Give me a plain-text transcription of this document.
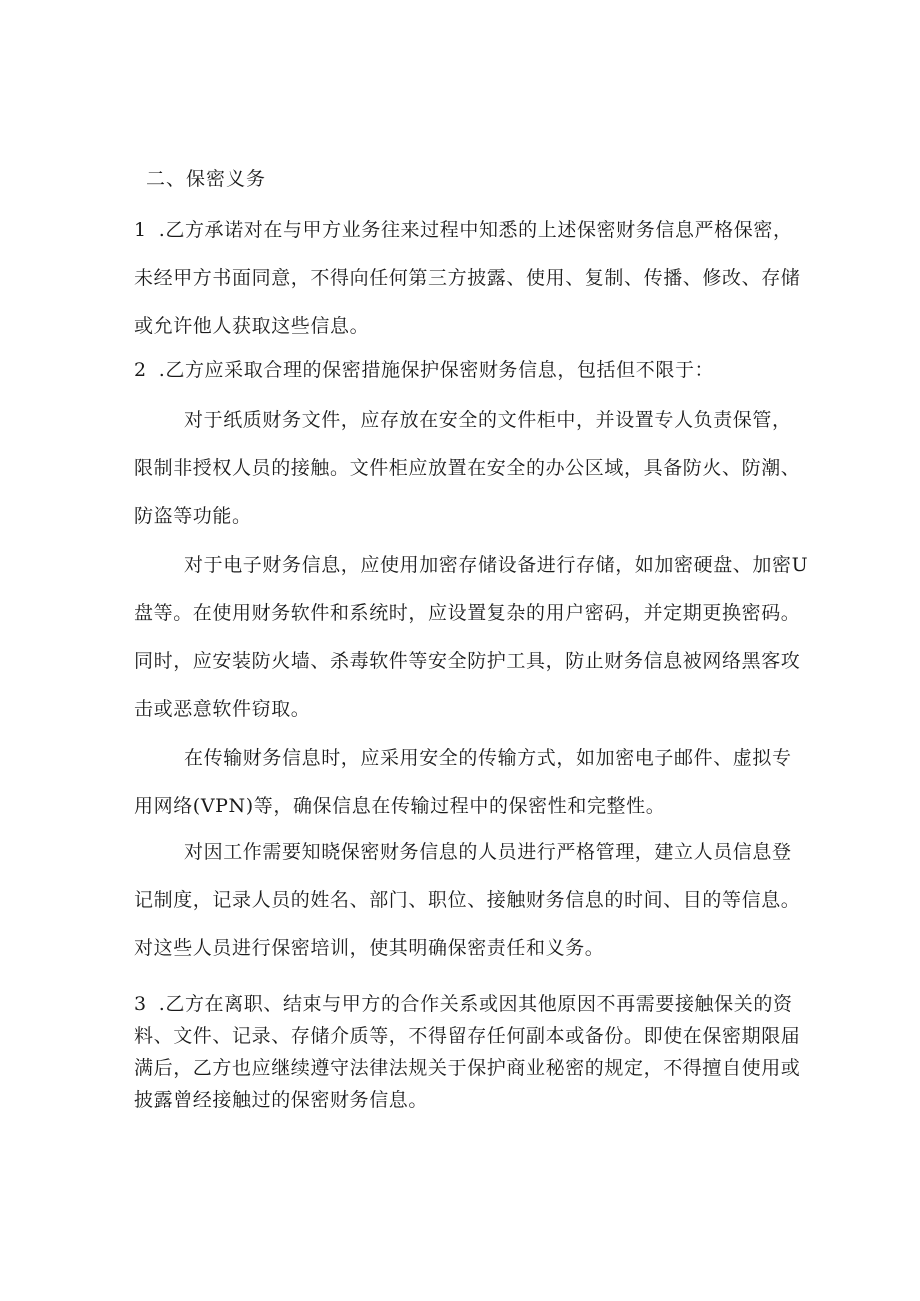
二、保密义务
1 .乙方承诺对在与甲方业务往来过程中知悉的上述保密财务信息严格保密，
未经甲方书面同意，不得向任何第三方披露、使用、复制、传播、修改、存储
或允许他人获取这些信息。
2 .乙方应采取合理的保密措施保护保密财务信息，包括但不限于：
对于纸质财务文件，应存放在安全的文件柜中，并设置专人负责保管，
限制非授权人员的接触。文件柜应放置在安全的办公区域，具备防火、防潮、
防盗等功能。
对于电子财务信息，应使用加密存储设备进行存储，如加密硬盘、加密U
盘等。在使用财务软件和系统时，应设置复杂的用户密码，并定期更换密码。
同时，应安装防火墙、杀毒软件等安全防护工具，防止财务信息被网络黑客攻
击或恶意软件窃取。
在传输财务信息时，应采用安全的传输方式，如加密电子邮件、虚拟专
用网络(VPN)等，确保信息在传输过程中的保密性和完整性。
对因工作需要知晓保密财务信息的人员进行严格管理，建立人员信息登
记制度，记录人员的姓名、部门、职位、接触财务信息的时间、目的等信息。
对这些人员进行保密培训，使其明确保密责任和义务。
3 .乙方在离职、结束与甲方的合作关系或因其他原因不再需要接触保关的资
料、文件、记录、存储介质等，不得留存任何副本或备份。即使在保密期限届
满后，乙方也应继续遵守法律法规关于保护商业秘密的规定，不得擅自使用或
披露曾经接触过的保密财务信息。
